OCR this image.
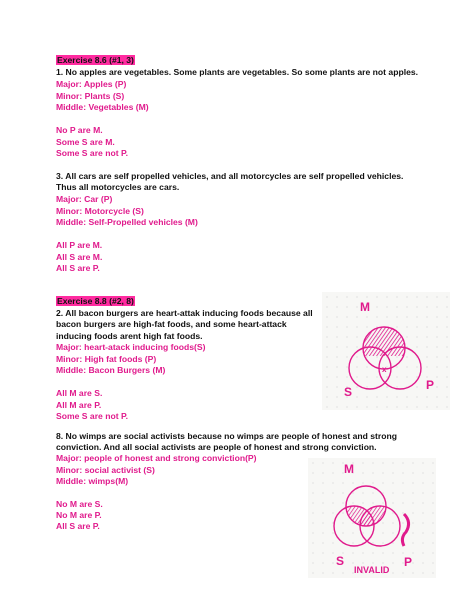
Exercise 8.6 (#1, 3)
1. No apples are vegetables. Some plants are vegetables. So some plants are not apples.
Major: Apples (P)
Minor: Plants (S)
Middle: Vegetables (M)
No P are M.
Some S are M.
Some S are not P.
3. All cars are self propelled vehicles, and all motorcycles are self propelled vehicles.
Thus all motorcycles are cars.
Major: Car (P)
Minor: Motorcycle (S)
Middle: Self-Propelled vehicles (M)
All P are M.
All S are M.
All S are P.
Exercise 8.8 (#2, 8)
2. All bacon burgers are heart-attak inducing foods because all
bacon burgers are high-fat foods, and some heart-attack
inducing foods arent high fat foods.
Major: heart-atack inducing foods(S)
Minor: High fat foods (P)
Middle: Bacon Burgers (M)
All M are S.
All M are P.
Some S are not P.
8. No wimps are social activists because no wimps are people of honest and strong
conviction. And all social activists are people of honest and strong conviction.
Major: people of honest and strong conviction(P)
Minor: social activist (S)
Middle: wimps(M)
No M are S.
No M are P.
All S are P.
M
S	P
x
M
S	P
INVALID
